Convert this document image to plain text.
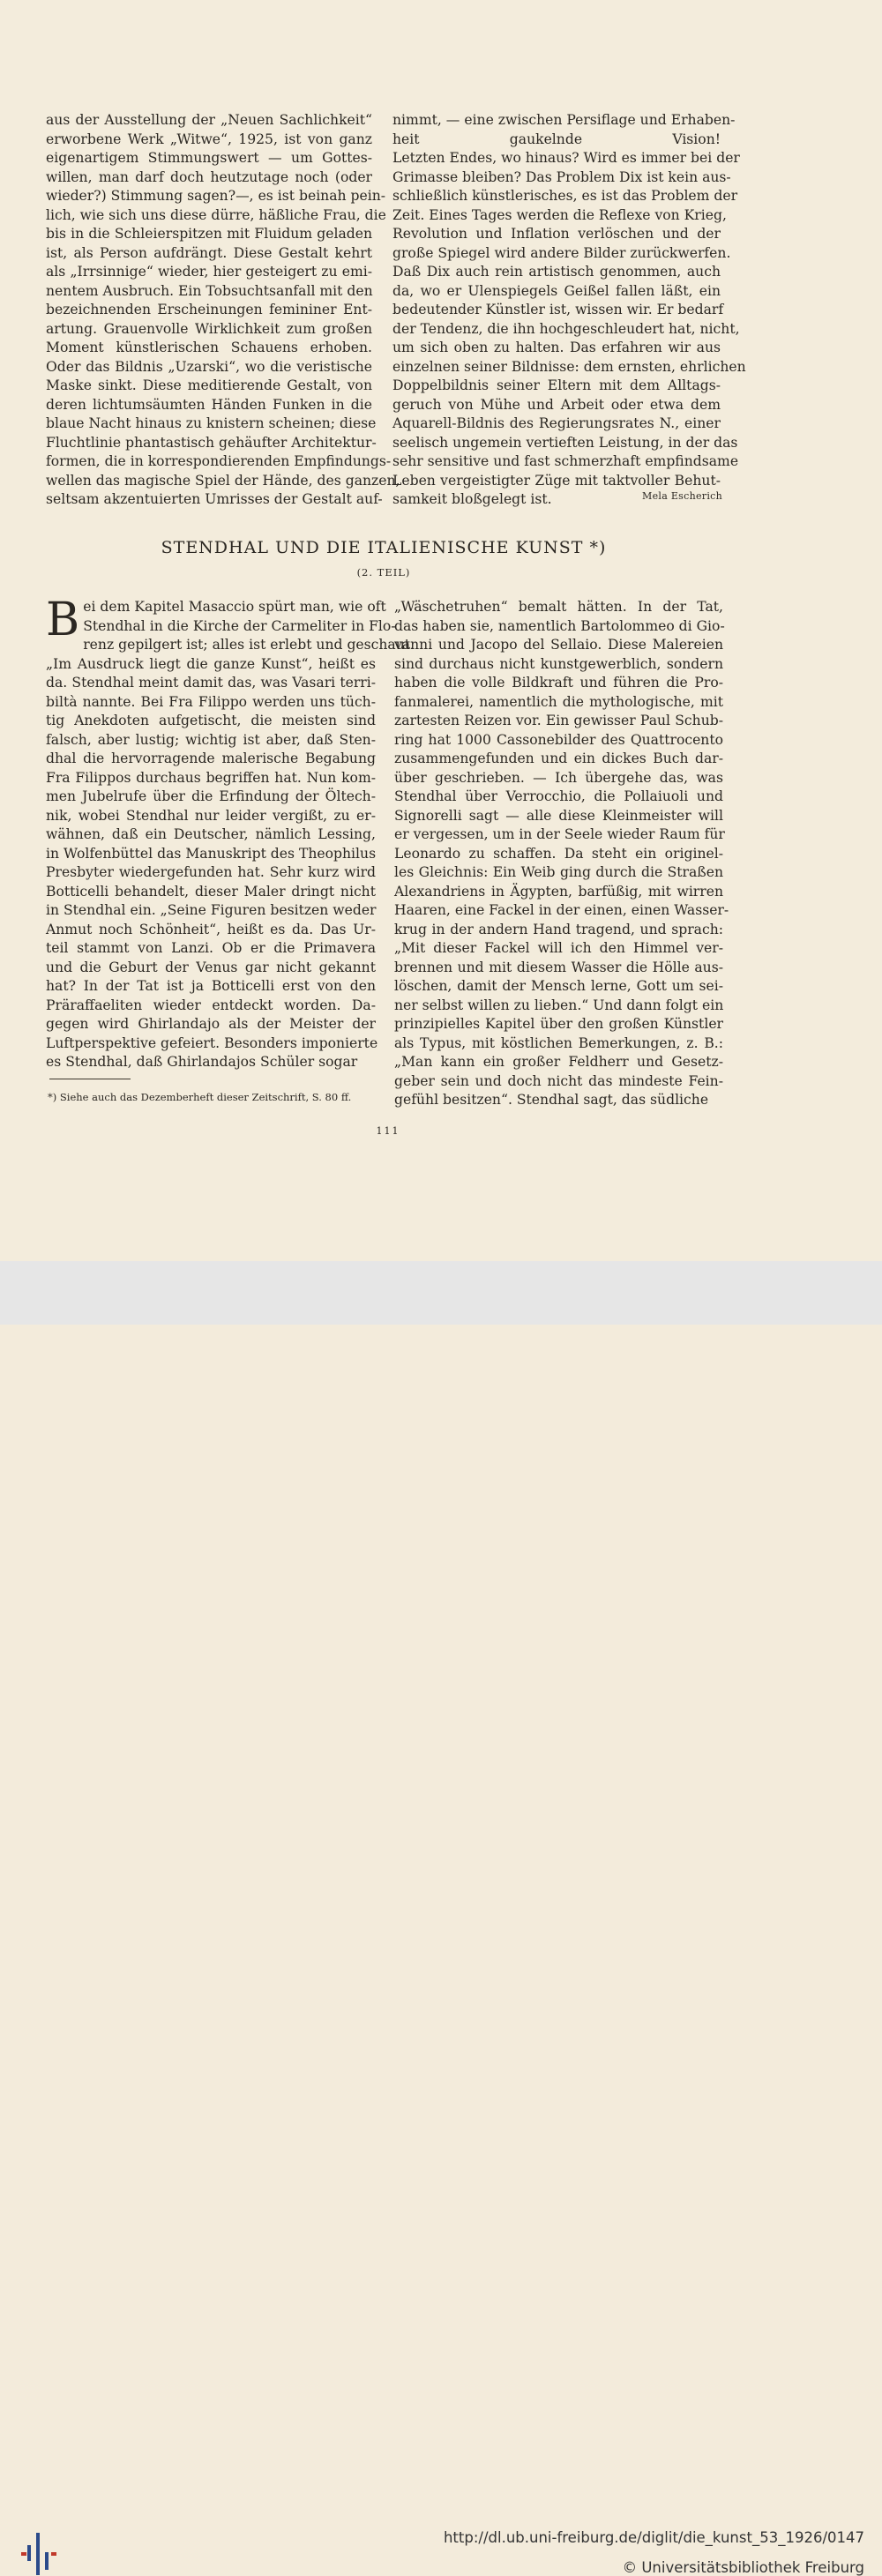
aus der Ausstellung der „Neuen Sachlichkeit“
erworbene Werk „Witwe“, 1925, ist von ganz
eigenartigem Stimmungswert — um Gottes-
willen, man darf doch heutzutage noch (oder
wieder?) Stimmung sagen?—, es ist beinah pein-
lich, wie sich uns diese dürre, häßliche Frau, die
bis in die Schleierspitzen mit Fluidum geladen
ist, als Person aufdrängt. Diese Gestalt kehrt
als „Irrsinnige“ wieder, hier gesteigert zu emi-
nentem Ausbruch. Ein Tobsuchtsanfall mit den
bezeichnenden Erscheinungen femininer Ent-
artung. Grauenvolle Wirklichkeit zum großen
Moment künstlerischen Schauens erhoben.
Oder das Bildnis „Uzarski“, wo die veristische
Maske sinkt. Diese meditierende Gestalt, von
deren lichtumsäumten Händen Funken in die
blaue Nacht hinaus zu knistern scheinen; diese
Fluchtlinie phantastisch gehäufter Architektur-
formen, die in korrespondierenden Empfindungs-
wellen das magische Spiel der Hände, des ganzen,
seltsam akzentuierten Umrisses der Gestalt auf-
nimmt, — eine zwischen Persiflage und Erhaben-
heit gaukelnde Vision!
Letzten Endes, wo hinaus? Wird es immer bei der
Grimasse bleiben? Das Problem Dix ist kein aus-
schließlich künstlerisches, es ist das Problem der
Zeit. Eines Tages werden die Reflexe von Krieg,
Revolution und Inflation verlöschen und der
große Spiegel wird andere Bilder zurückwerfen.
Daß Dix auch rein artistisch genommen, auch
da, wo er Ulenspiegels Geißel fallen läßt, ein
bedeutender Künstler ist, wissen wir. Er bedarf
der Tendenz, die ihn hochgeschleudert hat, nicht,
um sich oben zu halten. Das erfahren wir aus
einzelnen seiner Bildnisse: dem ernsten, ehrlichen
Doppelbildnis seiner Eltern mit dem Alltags-
geruch von Mühe und Arbeit oder etwa dem
Aquarell-Bildnis des Regierungsrates N., einer
seelisch ungemein vertieften Leistung, in der das
sehr sensitive und fast schmerzhaft empfindsame
Leben vergeistigter Züge mit taktvoller Behut-
samkeit bloßgelegt ist.	Mela Escherich
STENDHAL UND DIE ITALIENISCHE KUNST *)
(2. TEIL)
B ei dem Kapitel Masaccio spürt man, wie oft
Stendhal in die Kirche der Carmeliter in Flo-
renz gepilgert ist; alles ist erlebt und geschaut.
„Im Ausdruck liegt die ganze Kunst“, heißt es
da. Stendhal meint damit das, was Vasari terri-
biltà nannte. Bei Fra Filippo werden uns tüch-
tig Anekdoten aufgetischt, die meisten sind
falsch, aber lustig; wichtig ist aber, daß Sten-
dhal die hervorragende malerische Begabung
Fra Filippos durchaus begriffen hat. Nun kom-
men Jubelrufe über die Erfindung der Öltech-
nik, wobei Stendhal nur leider vergißt, zu er-
wähnen, daß ein Deutscher, nämlich Lessing,
in Wolfenbüttel das Manuskript des Theophilus
Presbyter wiedergefunden hat. Sehr kurz wird
Botticelli behandelt, dieser Maler dringt nicht
in Stendhal ein. „Seine Figuren besitzen weder
Anmut noch Schönheit“, heißt es da. Das Ur-
teil stammt von Lanzi. Ob er die Primavera
und die Geburt der Venus gar nicht gekannt
hat? In der Tat ist ja Botticelli erst von den
Präraffaeliten wieder entdeckt worden. Da-
gegen wird Ghirlandajo als der Meister der
Luftperspektive gefeiert. Besonders imponierte
es Stendhal, daß Ghirlandajos Schüler sogar
„Wäschetruhen“ bemalt hätten. In der Tat,
das haben sie, namentlich Bartolommeo di Gio-
vanni und Jacopo del Sellaio. Diese Malereien
sind durchaus nicht kunstgewerblich, sondern
haben die volle Bildkraft und führen die Pro-
fanmalerei, namentlich die mythologische, mit
zartesten Reizen vor. Ein gewisser Paul Schub-
ring hat 1000 Cassonebilder des Quattrocento
zusammengefunden und ein dickes Buch dar-
über geschrieben. — Ich übergehe das, was
Stendhal über Verrocchio, die Pollaiuoli und
Signorelli sagt — alle diese Kleinmeister will
er vergessen, um in der Seele wieder Raum für
Leonardo zu schaffen. Da steht ein originel-
les Gleichnis: Ein Weib ging durch die Straßen
Alexandriens in Ägypten, barfüßig, mit wirren
Haaren, eine Fackel in der einen, einen Wasser-
krug in der andern Hand tragend, und sprach:
„Mit dieser Fackel will ich den Himmel ver-
brennen und mit diesem Wasser die Hölle aus-
löschen, damit der Mensch lerne, Gott um sei-
ner selbst willen zu lieben.“ Und dann folgt ein
prinzipielles Kapitel über den großen Künstler
als Typus, mit köstlichen Bemerkungen, z. B.:
„Man kann ein großer Feldherr und Gesetz-
geber sein und doch nicht das mindeste Fein-
gefühl besitzen“. Stendhal sagt, das südliche
*) Siehe auch das Dezemberheft dieser Zeitschrift, S. 80 ff.
111
http://dl.ub.uni-freiburg.de/diglit/die_kunst_53_1926/0147
© Universitätsbibliothek Freiburg
